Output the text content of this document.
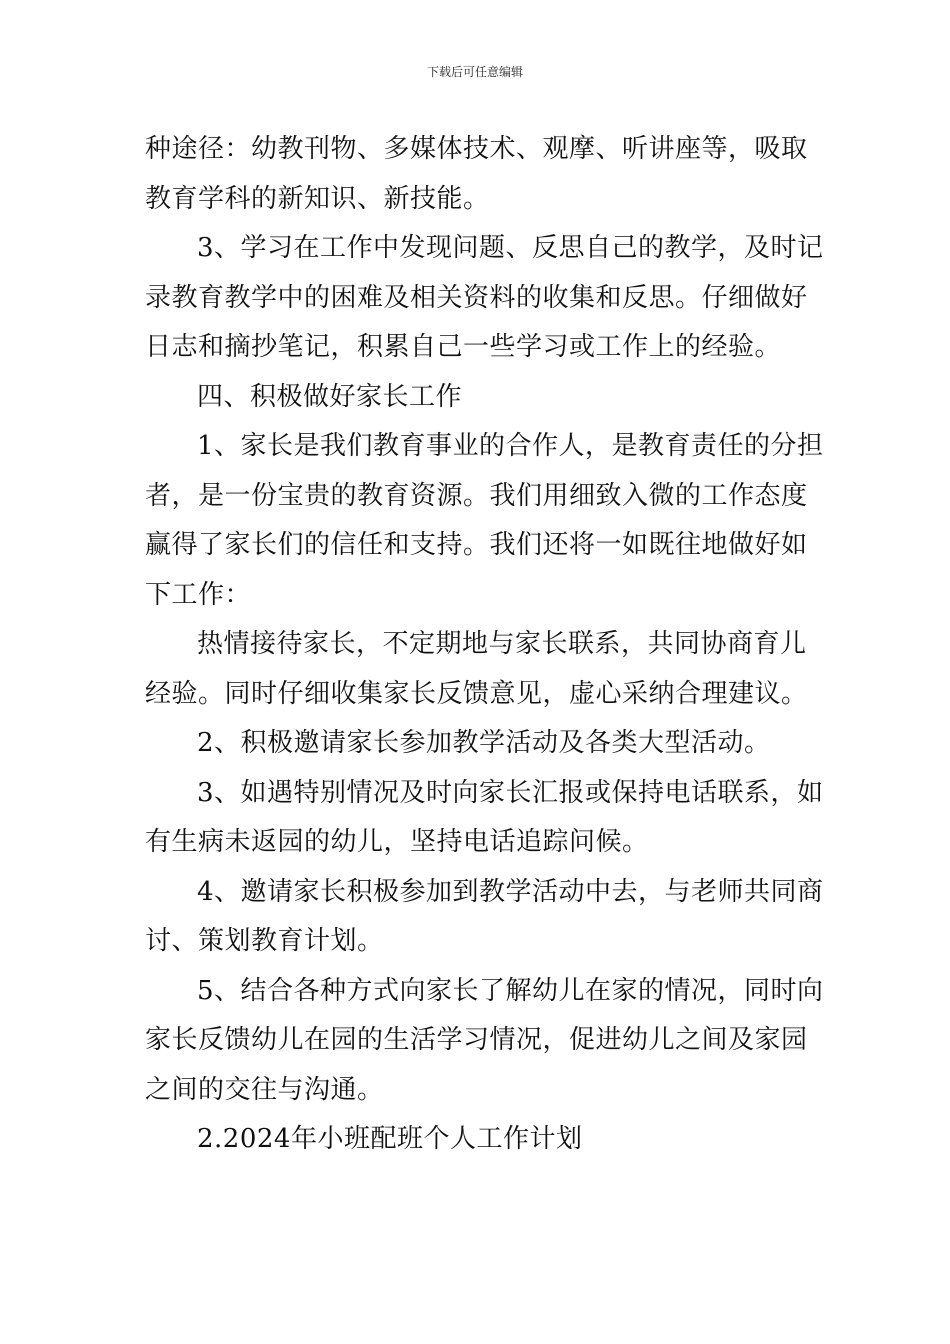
下载后可任意编辑
种途径：幼教刊物、多媒体技术、观摩、听讲座等，吸取
教育学科的新知识、新技能。
3、学习在工作中发现问题、反思自己的教学，及时记
录教育教学中的困难及相关资料的收集和反思。仔细做好
日志和摘抄笔记，积累自己一些学习或工作上的经验。
四、积极做好家长工作
1、家长是我们教育事业的合作人，是教育责任的分担
者，是一份宝贵的教育资源。我们用细致入微的工作态度
赢得了家长们的信任和支持。我们还将一如既往地做好如
下工作：
热情接待家长，不定期地与家长联系，共同协商育儿
经验。同时仔细收集家长反馈意见，虚心采纳合理建议。
2、积极邀请家长参加教学活动及各类大型活动。
3、如遇特别情况及时向家长汇报或保持电话联系，如
有生病未返园的幼儿，坚持电话追踪问候。
4、邀请家长积极参加到教学活动中去，与老师共同商
讨、策划教育计划。
5、结合各种方式向家长了解幼儿在家的情况，同时向
家长反馈幼儿在园的生活学习情况，促进幼儿之间及家园
之间的交往与沟通。
2.2024年小班配班个人工作计划
